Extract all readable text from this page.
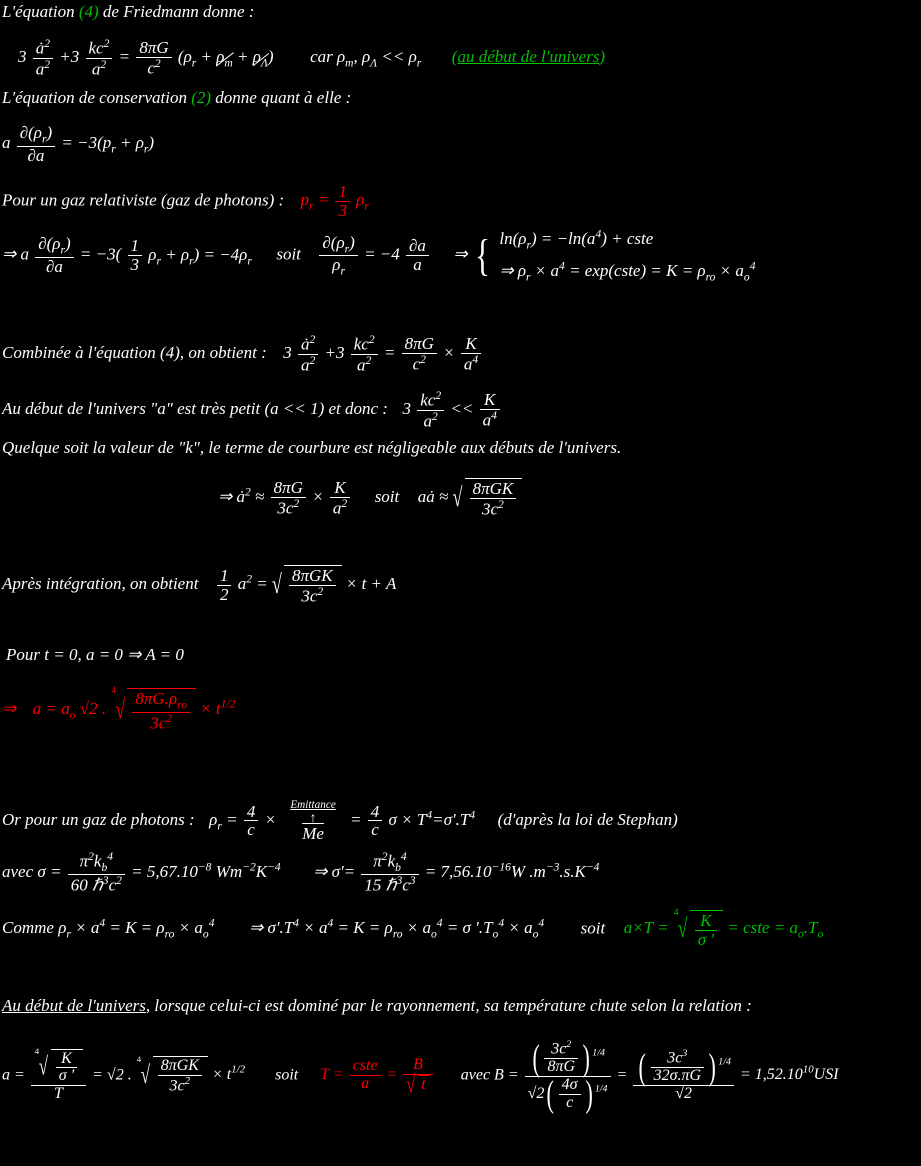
L'équation (4) de Friedmann donne :
$3 \frac{ȧ^2}{a^2} +3 \frac{kc^2}{a^2} = \frac{8\pi G}{c^2} (\rho_r + \rho_m + \rho_\Lambda)$ car $\rho_m$, $\rho_\Lambda << \rho_r$ (au début de l'univers)
L'équation de conservation (2) donne quant à elle :
a $\frac{\partial(\rho_r)}{\partial a} = -3(p_r + \rho_r)$
Pour un gaz relativiste (gaz de photons) : $p_r = \frac{1}{3} \rho_r$
⇒ a $\frac{\partial(\rho_r)}{\partial a} = -3( \frac{1}{3} \rho_r + \rho_r) = -4\rho_r$ soit $\frac{\partial(\rho_r)}{\rho_r} = -4 \frac{\partial a}{a}$ ⇒ { $\ln(\rho_r) = -\ln(a^4)$ + cste
⇒ $\rho_r \times a^4$ = exp(cste) = $K = \rho_{ro} \times a_o^4$
Combinée à l'équation (4), on obtient : $3 \frac{ȧ^2}{a^2} +3 \frac{kc^2}{a^2} = \frac{8\pi G}{c^2} \times \frac{K}{a^4}$
Au début de l'univers "a" est très petit (a << 1) et donc : $3 \frac{kc^2}{a^2} << \frac{K}{a^4}$
Quelque soit la valeur de "k", le terme de courbure est négligeable aux débuts de l'univers.
⇒ $ȧ^2 \approx \frac{8\pi G}{3c^2} \times \frac{K}{a^2}$ soit aȧ ≈ √ $\frac{\text{8πGK}}{3c^2}$
Après intégration, on obtient $\frac{1}{2} a^2$ = √ $\frac{\text{8πGK}}{3c^2} \times t + A$
Pour t = 0, a = 0 ⇒ A = 0
⇒ $a = a_o$ √2 .
4
√ $\frac{8\pi G.\rho_{ro}}{3c^2} \times t^{1/2}$
Or pour un gaz de photons : $\rho_r = \frac{4}{c}$ ×
Emittance
↑
$\overline{Me}$
= $\frac{4}{c}$ $\sigma \times T^4=\sigma'.T^4$ (d'après la loi de Stephan)
avec $\sigma = \frac{\pi^2k_b^4}{60 \hbar^3c^2} = 5,67.10^{-8}$ $Wm^{-2}K^{-4}$ ⇒ $\sigma'= \frac{\pi^2k_b^4}{15 \hbar^3c^3} = 7,56.10^{-16}W$ $.m^{-3}.s.K^{-4}$
Comme $\rho_r \times a^4 = K = \rho_{ro} \times a_o^4$ ⇒ $\sigma'.T^4 \times a^4 = K = \rho_{ro} \times a_o^4 = \sigma$ '$.T_o^4 \times a_o^4$ soit a×T =
4
√ $\frac{K}{\sigma '}$ = cste = $a_o.T_o$
Au début de l'univers, lorsque celui-ci est dominé par le rayonnement, sa température chute selon la relation :
a =
4
√ $\frac{K}{\sigma '}$
T
= √2 .
4
√ $\frac{\text{8πGK}}{3c^2} \times t^{1/2}$ soit $T = \frac{\text{cste}}{a} = \frac{B}{√ t}$ avec $B = \frac{( \frac{3c^2}{8\pi G} ) ^{1/4}}{√2( \frac{4\sigma}{c} ) ^{1/4}} = \frac{( \frac{3c^3}{32\sigma.\pi G} ) ^{1/4}}{√2} = 1,52.10^{10}USI$
